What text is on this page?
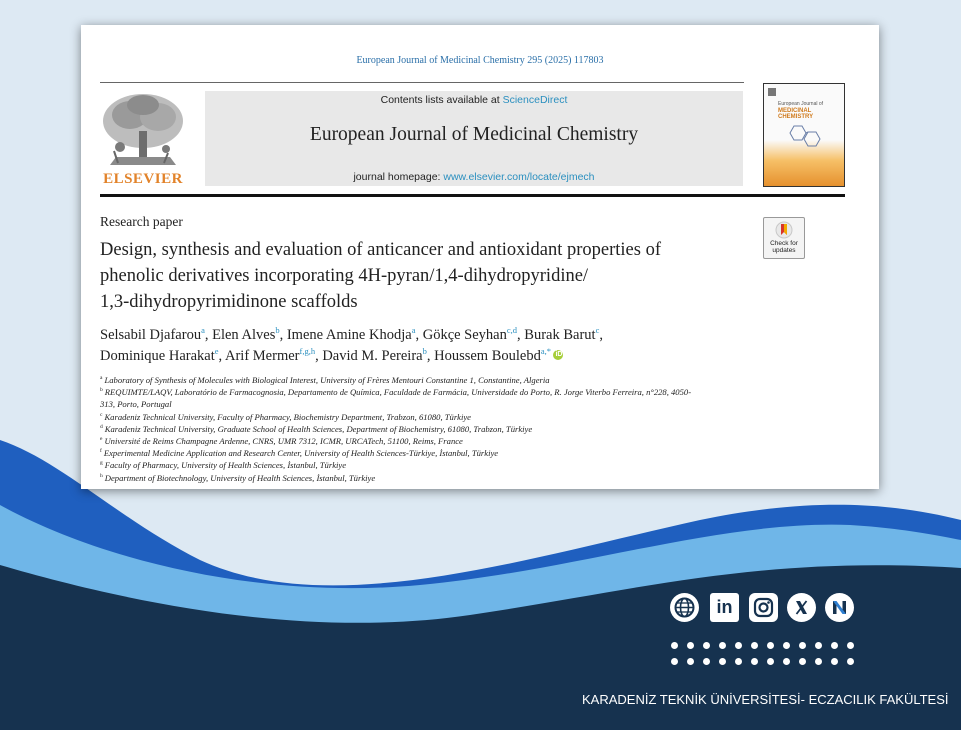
European Journal of Medicinal Chemistry 295 (2025) 117803
ELSEVIER
Contents lists available at ScienceDirect
European Journal of Medicinal Chemistry
journal homepage: www.elsevier.com/locate/ejmech
European Journal of
MEDICINAL CHEMISTRY
Research paper
Check for updates
Design, synthesis and evaluation of anticancer and antioxidant properties of
phenolic derivatives incorporating 4H-pyran/1,4-dihydropyridine/
1,3-dihydropyrimidinone scaffolds
Selsabil Djafarou$^a$, Elen Alves$^b$, Imene Amine Khodja$^a$, Gökçe Seyhan$^{c,d}$, Burak Barut$^c$,
Dominique Harakat$^e$, Arif Mermer$^{f,g,h}$, David M. Pereira$^b$, Houssem Boulebd$^{a,*}$ iD
$^a$ Laboratory of Synthesis of Molecules with Biological Interest, University of Frères Mentouri Constantine 1, Constantine, Algeria
$^b$ REQUIMTE/LAQV, Laboratório de Farmacognosia, Departamento de Química, Faculdade de Farmácia, Universidade do Porto, R. Jorge Viterbo Ferreira, n°228, 4050-
313, Porto, Portugal
$^c$ Karadeniz Technical University, Faculty of Pharmacy, Biochemistry Department, Trabzon, 61080, Türkiye
$^d$ Karadeniz Technical University, Graduate School of Health Sciences, Department of Biochemistry, 61080, Trabzon, Türkiye
$^e$ Université de Reims Champagne Ardenne, CNRS, UMR 7312, ICMR, URCATech, 51100, Reims, France
$^f$ Experimental Medicine Application and Research Center, University of Health Sciences-Türkiye, İstanbul, Türkiye
$^g$ Faculty of Pharmacy, University of Health Sciences, İstanbul, Türkiye
$^h$ Department of Biotechnology, University of Health Sciences, İstanbul, Türkiye
in
KARADENİZ TEKNİK ÜNİVERSİTESİ- ECZACILIK FAKÜLTESİ
